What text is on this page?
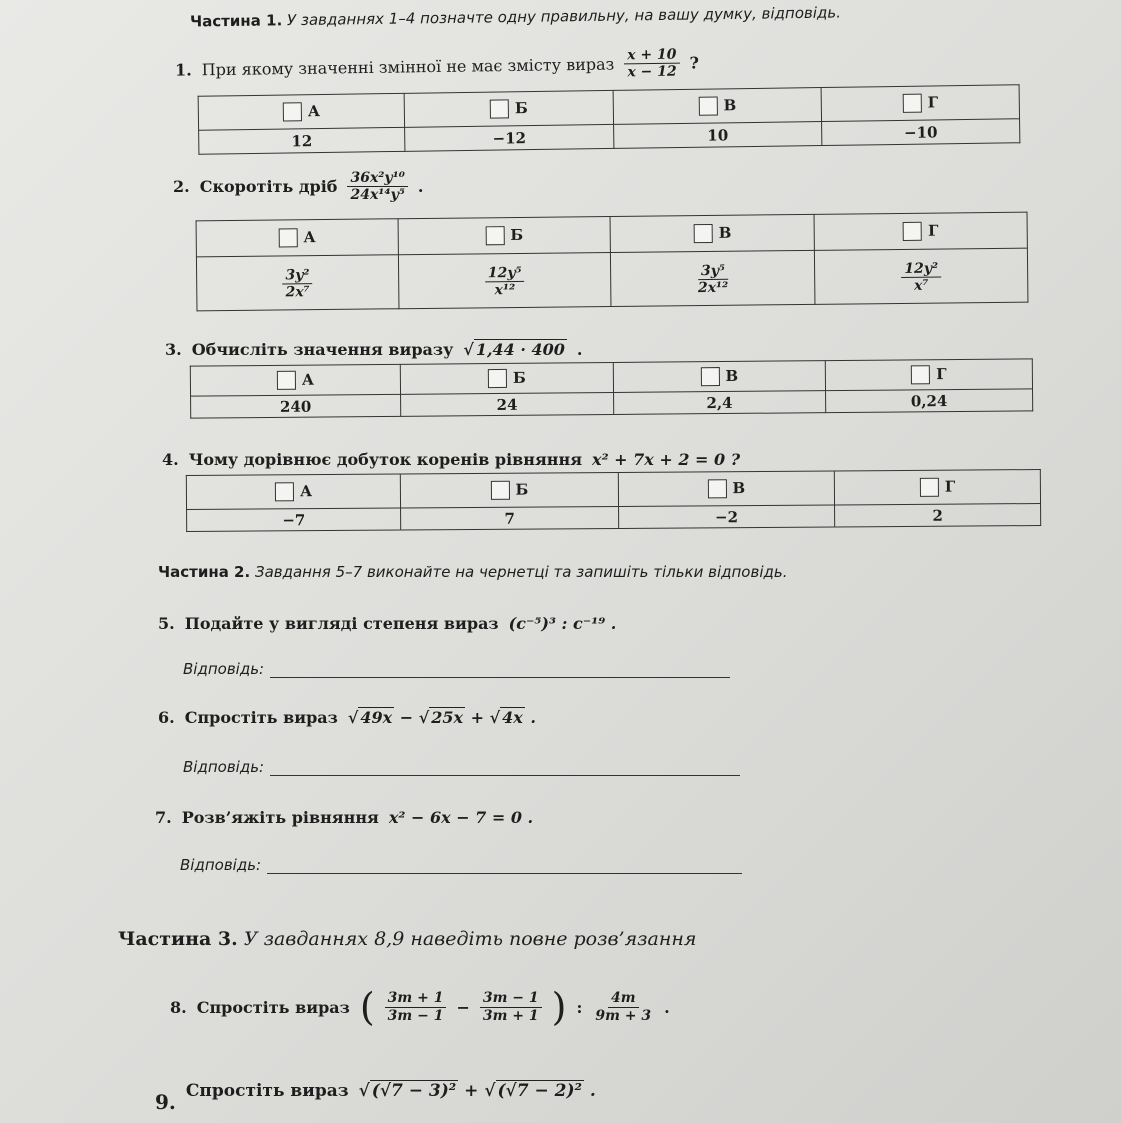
Частина 1. У завданнях 1–4 позначте одну правильну, на вашу думку, відповідь.
1. При якому значенні змінної не має змісту вираз $\frac{x + 10}{x - 12}$ ?
А	Б	В	Г
12	−12	10	−10
2. Скоротіть дріб $\frac{\text{36x²y¹⁰}}{\text{24x¹⁴y⁵}}$ .
А	Б	В	Г

$\frac{\text{3y²}}{\text{2x⁷}}$	$\frac{\text{12y⁵}}{\text{x¹²}}$	$\frac{\text{3y⁵}}{\text{2x¹²}}$	$\frac{\text{12y²}}{\text{x⁷}}$
3. Обчисліть значення виразу √ 1,44 · 400 .
А	Б	В	Г
240	24	2,4	0,24
4. Чому дорівнює добуток коренів рівняння x² + 7x + 2 = 0 ?
А	Б	В	Г
−7	7	−2	2
Частина 2. Завдання 5–7 виконайте на чернетці та запишіть тільки відповідь.
5. Подайте у вигляді степеня вираз (c⁻⁵)³ : c⁻¹⁹ .
Відповідь:
6. Спростіть вираз √ 49x − √ 25x + √ 4x .
Відповідь:
7. Розв’яжіть рівняння x² − 6x − 7 = 0 .
Відповідь:
Частина 3. У завданнях 8,9 наведіть повне розв’язання
8. Спростіть вираз ( $\frac{3m + 1}{3m - 1} - \frac{3m - 1}{3m + 1}$ ) : $\frac{4m}{9m + 3}$ .
9. Спростіть вираз √ (√7 − 3)² + √ (√7 − 2)² .
